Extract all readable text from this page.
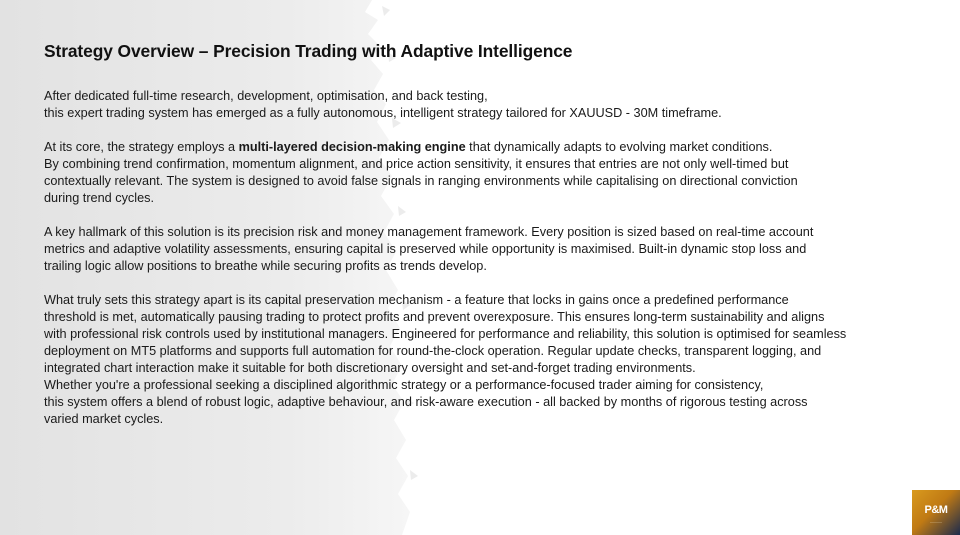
Strategy Overview – Precision Trading with Adaptive Intelligence

After dedicated full-time research, development, optimisation, and back testing,
this expert trading system has emerged as a fully autonomous, intelligent strategy tailored for XAUUSD - 30M timeframe.

At its core, the strategy employs a multi-layered decision-making engine that dynamically adapts to evolving market conditions.
By combining trend confirmation, momentum alignment, and price action sensitivity, it ensures that entries are not only well-timed but
contextually relevant. The system is designed to avoid false signals in ranging environments while capitalising on directional conviction
during trend cycles.

A key hallmark of this solution is its precision risk and money management framework. Every position is sized based on real-time account
metrics and adaptive volatility assessments, ensuring capital is preserved while opportunity is maximised. Built-in dynamic stop loss and
trailing logic allow positions to breathe while securing profits as trends develop.

What truly sets this strategy apart is its capital preservation mechanism - a feature that locks in gains once a predefined performance
threshold is met, automatically pausing trading to protect profits and prevent overexposure. This ensures long-term sustainability and aligns
with professional risk controls used by institutional managers. Engineered for performance and reliability, this solution is optimised for seamless
deployment on MT5 platforms and supports full automation for round-the-clock operation. Regular update checks, transparent logging, and
integrated chart interaction make it suitable for both discretionary oversight and set-and-forget trading environments.
Whether you're a professional seeking a disciplined algorithmic strategy or a performance-focused trader aiming for consistency,
this system offers a blend of robust logic, adaptive behaviour, and risk-aware execution - all backed by months of rigorous testing across
varied market cycles.

P&M
————
